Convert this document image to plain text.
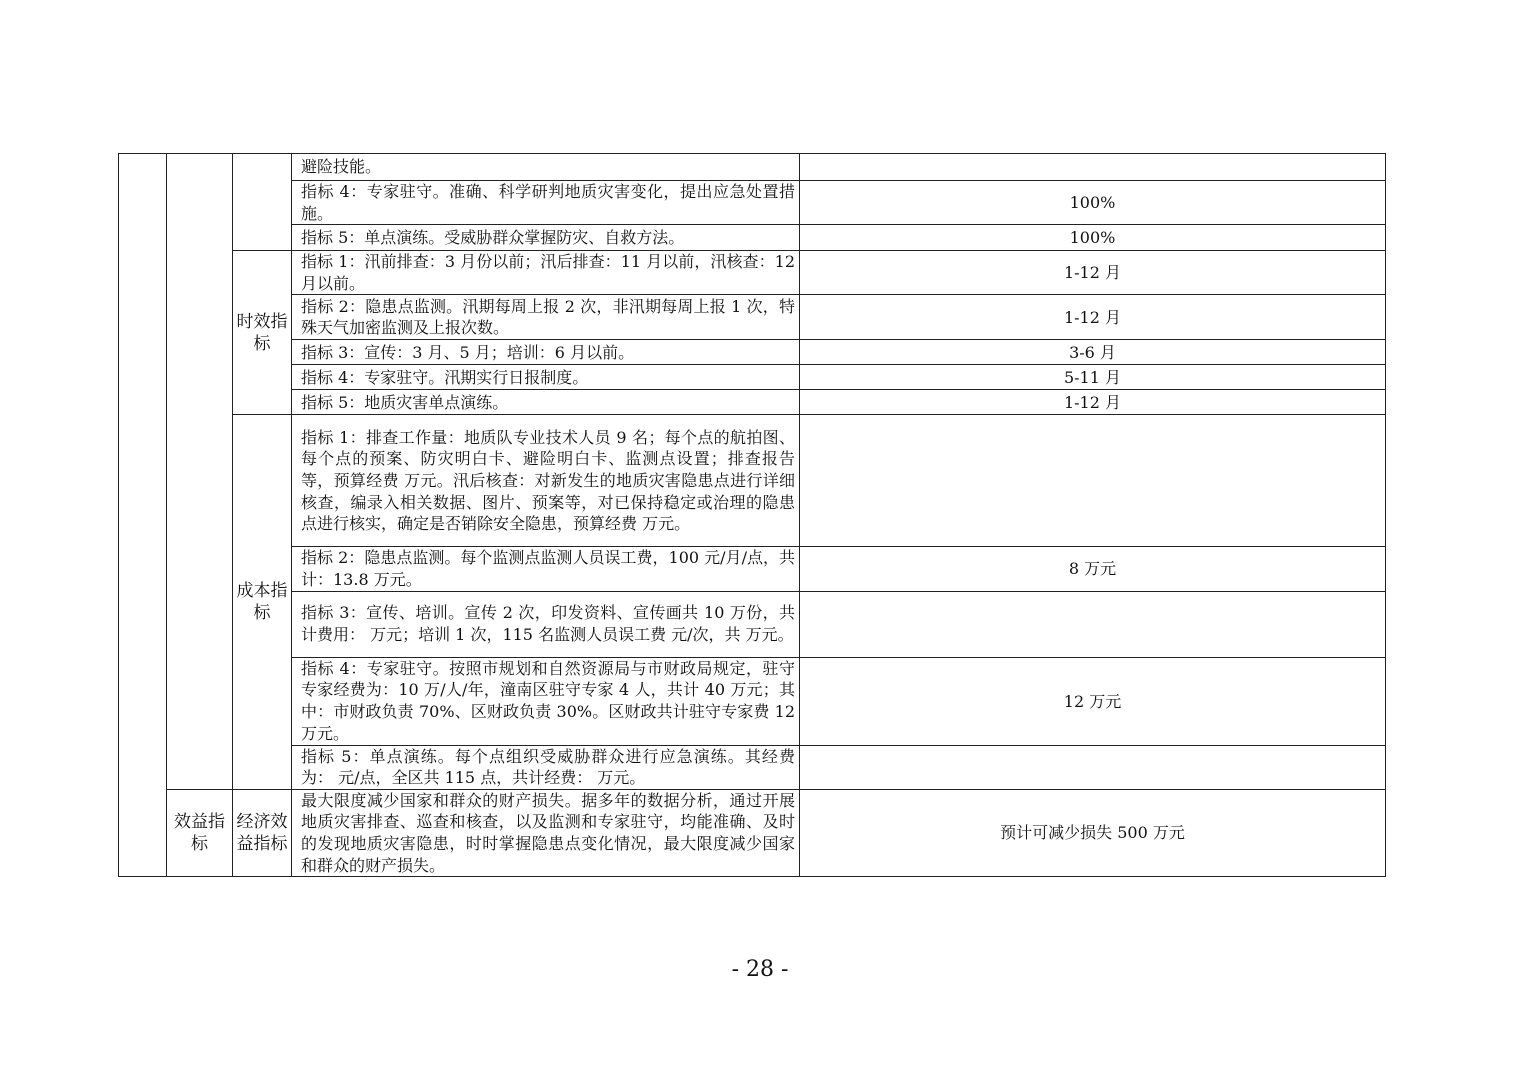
			避险技能。	
			指标 4：专家驻守。准确、科学研判地质灾害变化，提出应急处置措施。	100%
			指标 5：单点演练。受威胁群众掌握防灾、自救方法。	100%
		时效指标	指标 1：汛前排查：3 月份以前；汛后排查：11 月以前，汛核查：12 月以前。	1-12 月
			指标 2：隐患点监测。汛期每周上报 2 次，非汛期每周上报 1 次，特殊天气加密监测及上报次数。	1-12 月
			指标 3：宣传：3 月、5 月；培训：6 月以前。	3-6 月
			指标 4：专家驻守。汛期实行日报制度。	5-11 月
			指标 5：地质灾害单点演练。	1-12 月
		成本指标	指标 1：排查工作量：地质队专业技术人员 9 名；每个点的航拍图、每个点的预案、防灾明白卡、避险明白卡、监测点设置；排查报告等，预算经费 万元。汛后核查：对新发生的地质灾害隐患点进行详细核查，编录入相关数据、图片、预案等，对已保持稳定或治理的隐患点进行核实，确定是否销除安全隐患，预算经费 万元。	
			指标 2：隐患点监测。每个监测点监测人员误工费，100 元/月/点，共计：13.8 万元。	8 万元
			指标 3：宣传、培训。宣传 2 次，印发资料、宣传画共 10 万份，共计费用： 万元；培训 1 次，115 名监测人员误工费 元/次，共 万元。	
			指标 4：专家驻守。按照市规划和自然资源局与市财政局规定，驻守专家经费为：10 万/人/年，潼南区驻守专家 4 人，共计 40 万元；其中：市财政负责 70%、区财政负责 30%。区财政共计驻守专家费 12 万元。	12 万元
			指标 5：单点演练。每个点组织受威胁群众进行应急演练。其经费为： 元/点，全区共 115 点，共计经费： 万元。	
	效益指标	经济效益指标	最大限度减少国家和群众的财产损失。据多年的数据分析，通过开展地质灾害排查、巡查和核查，以及监测和专家驻守，均能准确、及时的发现地质灾害隐患，时时掌握隐患点变化情况，最大限度减少国家和群众的财产损失。	预计可减少损失 500 万元
- 28 -
